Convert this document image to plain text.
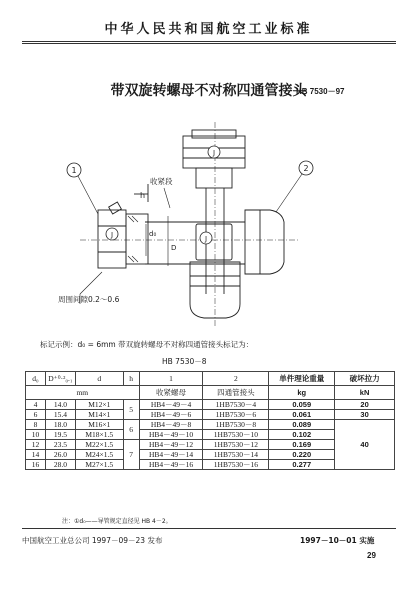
中华人民共和国航空工业标准
带双旋转螺母不对称四通管接头
HB 7530－97
1	2
J
J	J
h
d₀
D
收紧段
周围间隙0.2～0.6
标记示例：d₀ = 6mm 带双旋转螺母不对称四通管接头标记为：
HB 7530－8
d₀	D⁺⁰·²₀.₁	d	h	1	2	单件理论重量	破坏拉力
mm				收紧螺母	四通管接头	kg	kN
4	14.0	M12×1	5	HB4－49－4	1HB7530－4	0.059	20
6	15.4	M14×1		HB4－49－6	1HB7530－6	0.061	30
8	18.0	M16×1	6	HB4－49－8	1HB7530－8	0.089	40
10	19.5	M18×1.5		HB4－49－10	1HB7530－10	0.102	
12	23.5	M22×1.5	7	HB4－49－12	1HB7530－12	0.169	
14	26.0	M24×1.5		HB4－49－14	1HB7530－14	0.220	
16	28.0	M27×1.5		HB4－49－16	1HB7530－16	0.277	
注：①d₀——导管规定直径见 HB 4－2。
中国航空工业总公司 1997－09－23 发布	1997－10－01 实施
29
